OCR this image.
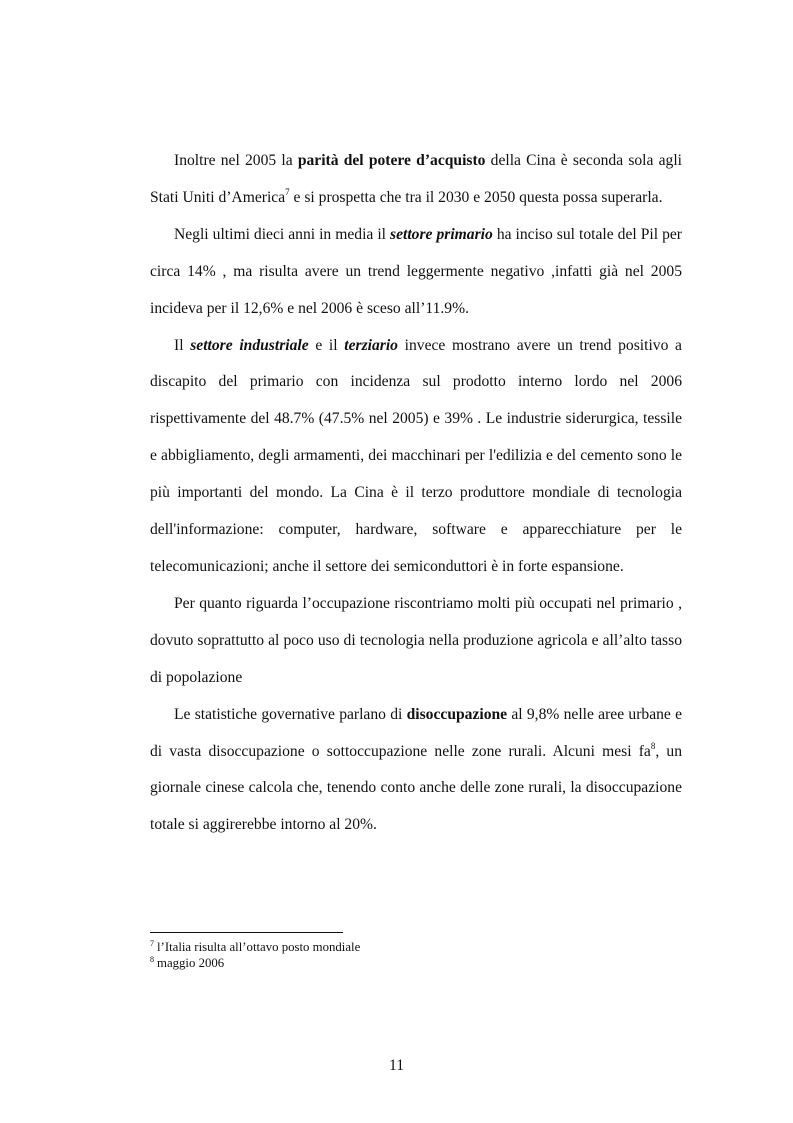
Inoltre nel 2005 la parità del potere d’acquisto della Cina è seconda sola agli Stati Uniti d’America$^7$ e si prospetta che tra il 2030 e 2050 questa possa superarla.

Negli ultimi dieci anni in media il settore primario ha inciso sul totale del Pil per circa 14% , ma risulta avere un trend leggermente negativo ,infatti già nel 2005 incideva per il 12,6% e nel 2006 è sceso all’11.9%.

Il settore industriale e il terziario invece mostrano avere un trend positivo a discapito del primario con incidenza sul prodotto interno lordo nel 2006 rispettivamente del 48.7% (47.5% nel 2005) e 39% . Le industrie siderurgica, tessile e abbigliamento, degli armamenti, dei macchinari per l'edilizia e del cemento sono le più importanti del mondo. La Cina è il terzo produttore mondiale di tecnologia dell'informazione: computer, hardware, software e apparecchiature per le telecomunicazioni; anche il settore dei semiconduttori è in forte espansione.

Per quanto riguarda l’occupazione riscontriamo molti più occupati nel primario , dovuto soprattutto al poco uso di tecnologia nella produzione agricola e all’alto tasso di popolazione

Le statistiche governative parlano di disoccupazione al 9,8% nelle aree urbane e di vasta disoccupazione o sottoccupazione nelle zone rurali. Alcuni mesi $fa^8$, un giornale cinese calcola che, tenendo conto anche delle zone rurali, la disoccupazione totale si aggirerebbe intorno al 20%.

$^7$ l’Italia risulta all’ottavo posto mondiale
$^8$ maggio 2006
11
